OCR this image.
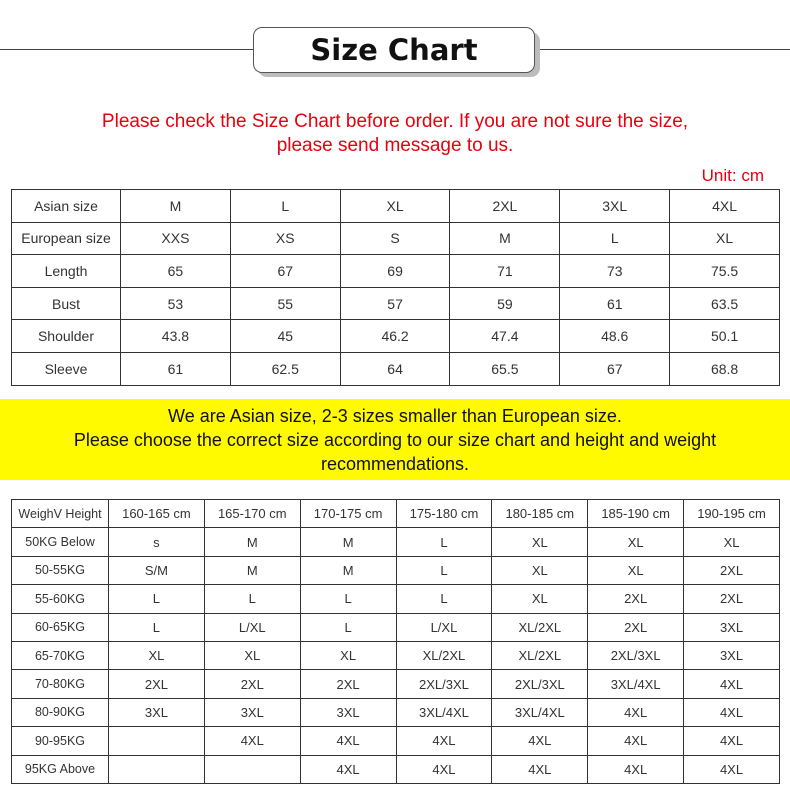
Size Chart
Please check the Size Chart before order. If you are not sure the size,
please send message to us.
Unit: cm
Asian size	M	L	XL	2XL	3XL	4XL
European size	XXS	XS	S	M	L	XL
Length	65	67	69	71	73	75.5
Bust	53	55	57	59	61	63.5
Shoulder	43.8	45	46.2	47.4	48.6	50.1
Sleeve	61	62.5	64	65.5	67	68.8
We are Asian size, 2-3 sizes smaller than European size.
Please choose the correct size according to our size chart and height and weight
recommendations.
WeighV Height	160-165 cm	165-170 cm	170-175 cm	175-180 cm	180-185 cm	185-190 cm	190-195 cm
50KG Below	s	M	M	L	XL	XL	XL
50-55KG	S/M	M	M	L	XL	XL	2XL
55-60KG	L	L	L	L	XL	2XL	2XL
60-65KG	L	L/XL	L	L/XL	XL/2XL	2XL	3XL
65-70KG	XL	XL	XL	XL/2XL	XL/2XL	2XL/3XL	3XL
70-80KG	2XL	2XL	2XL	2XL/3XL	2XL/3XL	3XL/4XL	4XL
80-90KG	3XL	3XL	3XL	3XL/4XL	3XL/4XL	4XL	4XL
90-95KG		4XL	4XL	4XL	4XL	4XL	4XL
95KG Above			4XL	4XL	4XL	4XL	4XL
